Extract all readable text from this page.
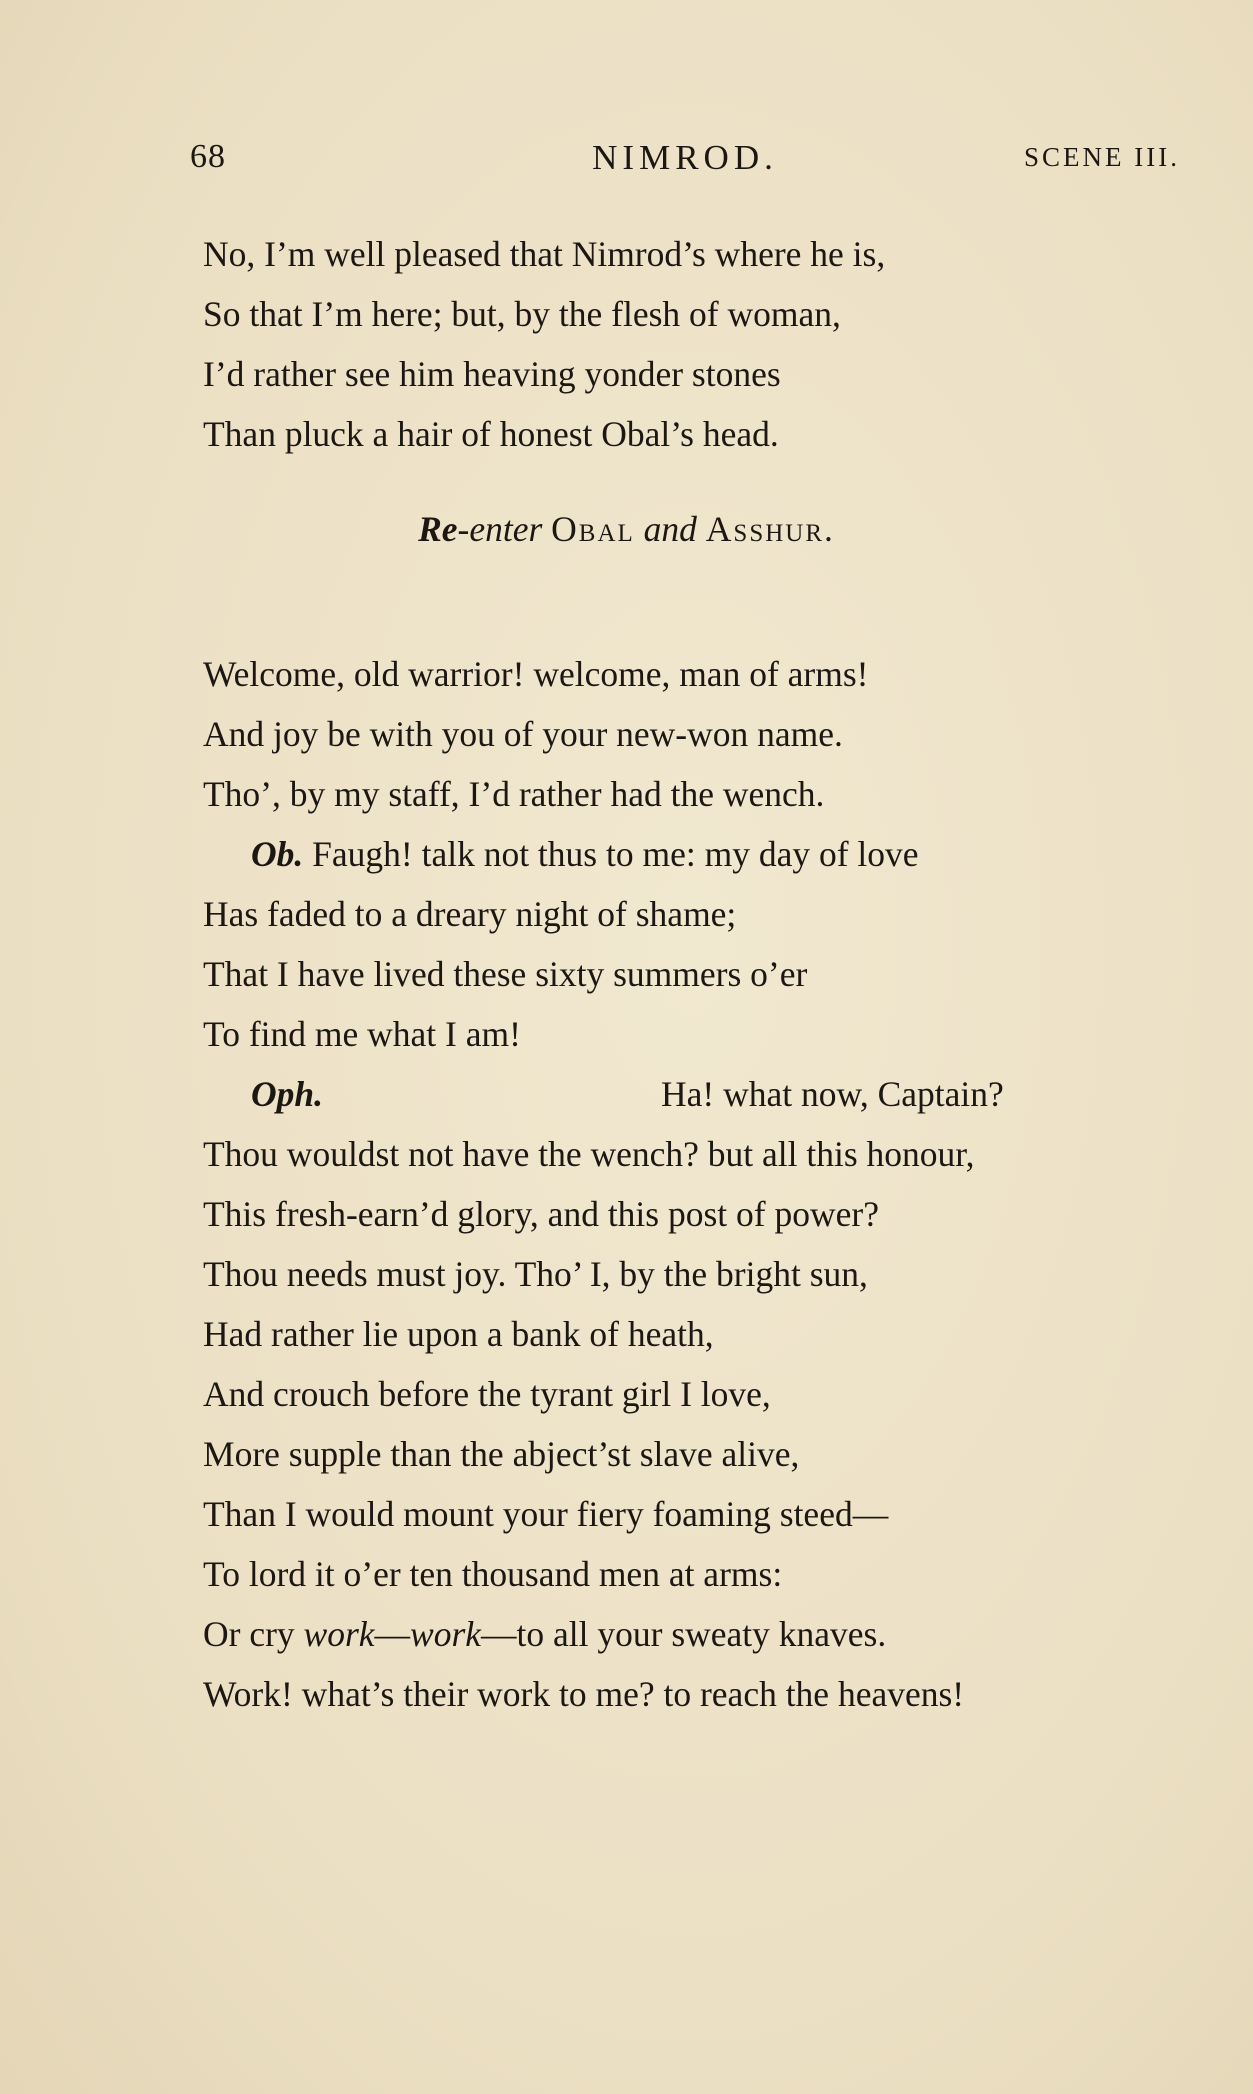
68	NIMROD.	SCENE III.
No, I’m well pleased that Nimrod’s where he is,
So that I’m here; but, by the flesh of woman,
I’d rather see him heaving yonder stones
Than pluck a hair of honest Obal’s head.
Re-enter Obal and Asshur.
Welcome, old warrior! welcome, man of arms!
And joy be with you of your new-won name.
Tho’, by my staff, I’d rather had the wench.
Ob. Faugh! talk not thus to me: my day of love
Has faded to a dreary night of shame;
That I have lived these sixty summers o’er
To find me what I am!
Oph.	Ha! what now, Captain?
Thou wouldst not have the wench? but all this honour,
This fresh-earn’d glory, and this post of power?
Thou needs must joy. Tho’ I, by the bright sun,
Had rather lie upon a bank of heath,
And crouch before the tyrant girl I love,
More supple than the abject’st slave alive,
Than I would mount your fiery foaming steed—
To lord it o’er ten thousand men at arms:
Or cry work—work—to all your sweaty knaves.
Work! what’s their work to me? to reach the heavens!
